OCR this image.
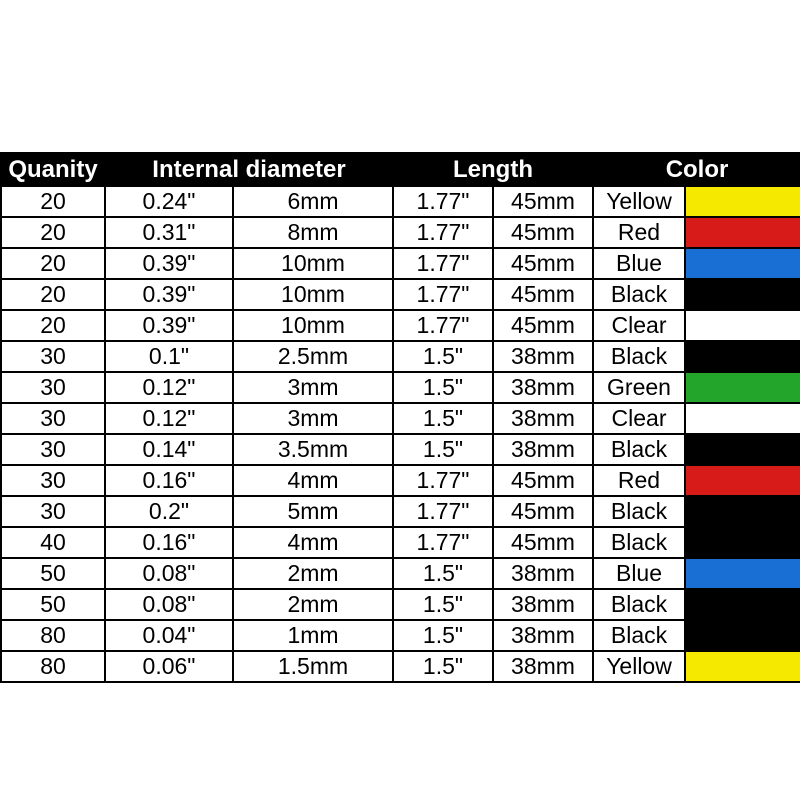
Quanity	Internal diameter		Length		Color	
20	0.24"	6mm	1.77"	45mm	Yellow	

20	0.31"	8mm	1.77"	45mm	Red	

20	0.39"	10mm	1.77"	45mm	Blue	

20	0.39"	10mm	1.77"	45mm	Black	

20	0.39"	10mm	1.77"	45mm	Clear	

30	0.1"	2.5mm	1.5"	38mm	Black	

30	0.12"	3mm	1.5"	38mm	Green	

30	0.12"	3mm	1.5"	38mm	Clear	

30	0.14"	3.5mm	1.5"	38mm	Black	

30	0.16"	4mm	1.77"	45mm	Red	

30	0.2"	5mm	1.77"	45mm	Black	

40	0.16"	4mm	1.77"	45mm	Black	

50	0.08"	2mm	1.5"	38mm	Blue	

50	0.08"	2mm	1.5"	38mm	Black	

80	0.04"	1mm	1.5"	38mm	Black	

80	0.06"	1.5mm	1.5"	38mm	Yellow	
